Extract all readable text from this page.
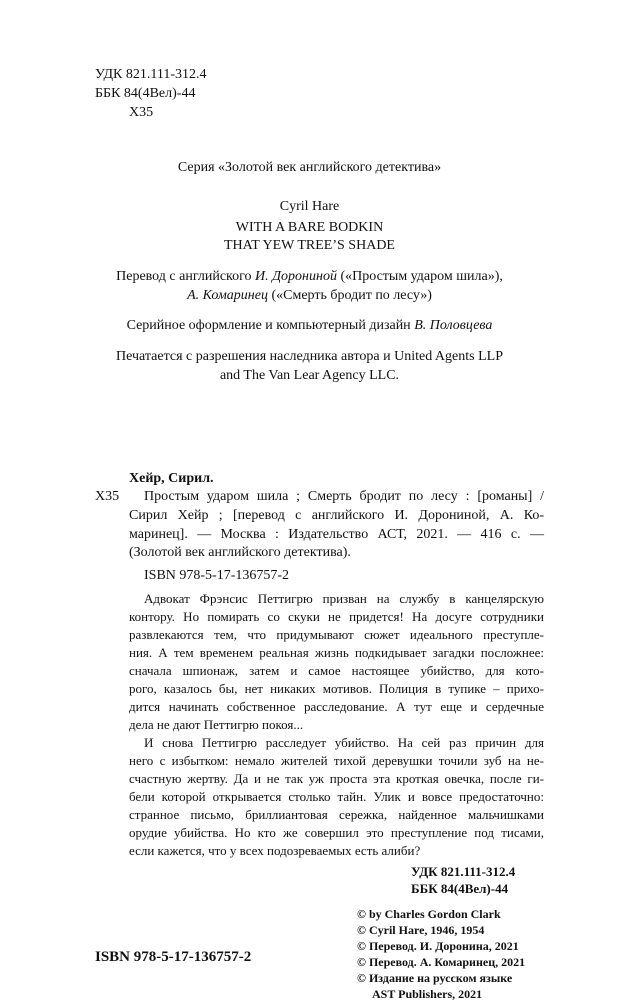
УДК 821.111-312.4
ББК 84(4Вел)-44
Х35
Серия «Золотой век английского детектива»
Cyril Hare
WITH A BARE BODKIN
THAT YEW TREE’S SHADE
Перевод с английского И. Дорониной («Простым ударом шила»),
А. Комаринец («Смерть бродит по лесу»)
Серийное оформление и компьютерный дизайн В. Половцева
Печатается с разрешения наследника автора и United Agents LLP
and The Van Lear Agency LLC.
Хейр, Сирил.
Х35 Простым ударом шила ; Смерть бродит по лесу : [романы] /
Сирил Хейр ; [перевод с английского И. Дорониной, А. Ко-
маринец]. — Москва : Издательство АСТ, 2021. — 416 с. —
(Золотой век английского детектива).
ISBN 978-5-17-136757-2
Адвокат Фрэнсис Петтигрю призван на службу в канцелярскую
контору. Но помирать со скуки не придется! На досуге сотрудники
развлекаются тем, что придумывают сюжет идеального преступле-
ния. А тем временем реальная жизнь подкидывает загадки посложнее:
сначала шпионаж, затем и самое настоящее убийство, для кото-
рого, казалось бы, нет никаких мотивов. Полиция в тупике – прихо-
дится начинать собственное расследование. А тут еще и сердечные
дела не дают Петтигрю покоя...
И снова Петтигрю расследует убийство. На сей раз причин для
него с избытком: немало жителей тихой деревушки точили зуб на не-
счастную жертву. Да и не так уж проста эта кроткая овечка, после ги-
бели которой открывается столько тайн. Улик и вовсе предостаточно:
странное письмо, бриллиантовая сережка, найденное мальчишками
орудие убийства. Но кто же совершил это преступление под тисами,
если кажется, что у всех подозреваемых есть алиби?
УДК 821.111-312.4
ББК 84(4Вел)-44
© by Charles Gordon Clark
© Cyril Hare, 1946, 1954
© Перевод. И. Доронина, 2021
© Перевод. А. Комаринец, 2021
© Издание на русском языке
AST Publishers, 2021
ISBN 978-5-17-136757-2
